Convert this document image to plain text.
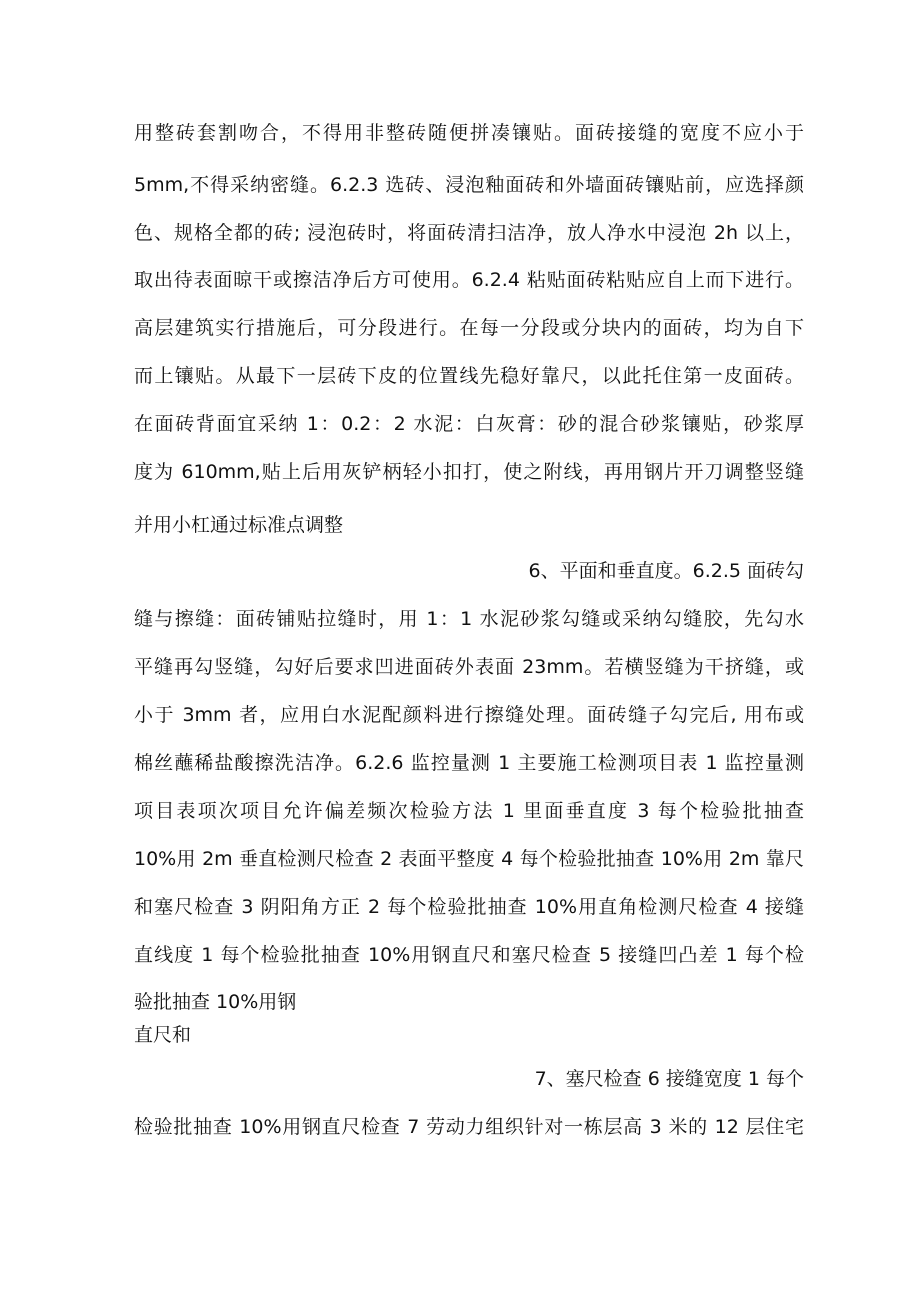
用整砖套割吻合，不得用非整砖随便拼凑镶贴。面砖接缝的宽度不应小于
5mm,不得采纳密缝。6.2.3 选砖、浸泡釉面砖和外墙面砖镶贴前，应选择颜
色、规格全都的砖; 浸泡砖时，将面砖清扫洁净，放人净水中浸泡 2h 以上，
取出待表面晾干或擦洁净后方可使用。6.2.4 粘贴面砖粘贴应自上而下进行。
高层建筑实行措施后，可分段进行。在每一分段或分块内的面砖，均为自下
而上镶贴。从最下一层砖下皮的位置线先稳好靠尺，以此托住第一皮面砖。
在面砖背面宜采纳 1：0.2：2 水泥：白灰膏：砂的混合砂浆镶贴，砂浆厚
度为 610mm,贴上后用灰铲柄轻小扣打，使之附线，再用钢片开刀调整竖缝
并用小杠通过标准点调整
6、平面和垂直度。6.2.5 面砖勾
缝与擦缝：面砖铺贴拉缝时，用 1：1 水泥砂浆勾缝或采纳勾缝胶，先勾水
平缝再勾竖缝，勾好后要求凹进面砖外表面 23mm。若横竖缝为干挤缝，或
小于 3mm 者，应用白水泥配颜料进行擦缝处理。面砖缝子勾完后, 用布或
棉丝蘸稀盐酸擦洗洁净。6.2.6 监控量测 1 主要施工检测项目表 1 监控量测
项目表项次项目允许偏差频次检验方法 1 里面垂直度 3 每个检验批抽查
10%用 2m 垂直检测尺检查 2 表面平整度 4 每个检验批抽查 10%用 2m 靠尺
和塞尺检查 3 阴阳角方正 2 每个检验批抽查 10%用直角检测尺检查 4 接缝
直线度 1 每个检验批抽查 10%用钢直尺和塞尺检查 5 接缝凹凸差 1 每个检
验批抽查 10%用钢
直尺和
7、塞尺检查 6 接缝宽度 1 每个
检验批抽查 10%用钢直尺检查 7 劳动力组织针对一栋层高 3 米的 12 层住宅
